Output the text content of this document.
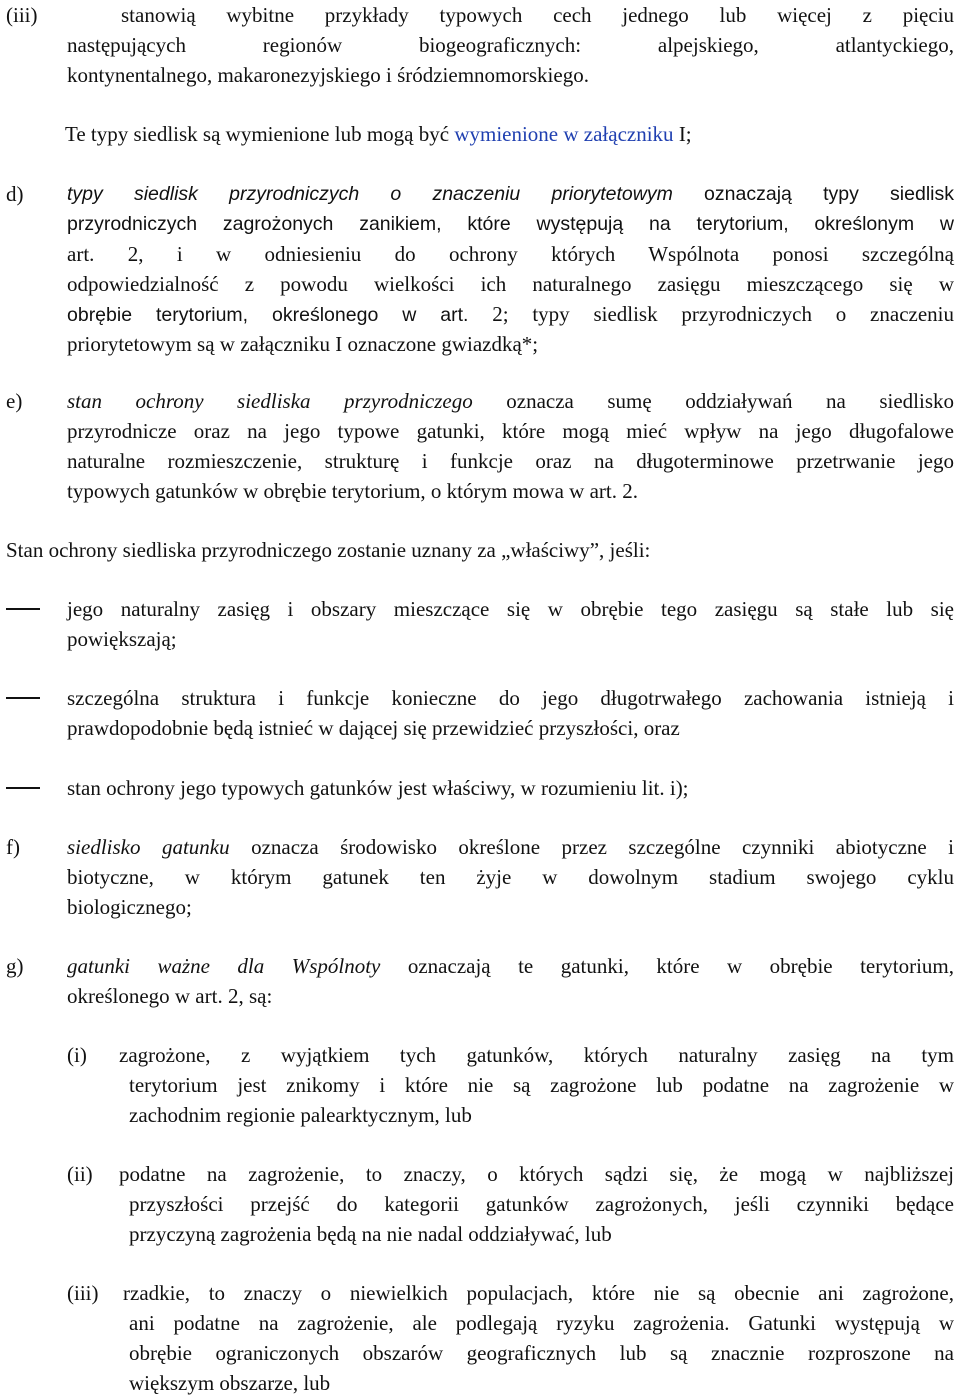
(iii)	stanowią wybitne przykłady typowych cech jednego lub więcej z pięciu
następujących regionów biogeograficznych: alpejskiego, atlantyckiego,
kontynentalnego, makaronezyjskiego i śródziemnomorskiego.
Te typy siedlisk są wymienione lub mogą być wymienione w załączniku I;
d) typy siedlisk przyrodniczych o znaczeniu priorytetowym oznaczają typy siedlisk
przyrodniczych zagrożonych zanikiem, które występują na terytorium, określonym w
art. 2, i w odniesieniu do ochrony których Wspólnota ponosi szczególną
odpowiedzialność z powodu wielkości ich naturalnego zasięgu mieszczącego się w
obrębie terytorium, określonego w art. 2; typy siedlisk przyrodniczych o znaczeniu
priorytetowym są w załączniku I oznaczone gwiazdką*;
e) stan ochrony siedliska przyrodniczego oznacza sumę oddziaływań na siedlisko
przyrodnicze oraz na jego typowe gatunki, które mogą mieć wpływ na jego długofalowe
naturalne rozmieszczenie, strukturę i funkcje oraz na długoterminowe przetrwanie jego
typowych gatunków w obrębie terytorium, o którym mowa w art. 2.
Stan ochrony siedliska przyrodniczego zostanie uznany za „właściwy”, jeśli:
jego naturalny zasięg i obszary mieszczące się w obrębie tego zasięgu są stałe lub się
powiększają;
szczególna struktura i funkcje konieczne do jego długotrwałego zachowania istnieją i
prawdopodobnie będą istnieć w dającej się przewidzieć przyszłości, oraz
stan ochrony jego typowych gatunków jest właściwy, w rozumieniu lit. i);
f) siedlisko gatunku oznacza środowisko określone przez szczególne czynniki abiotyczne i
biotyczne, w którym gatunek ten żyje w dowolnym stadium swojego cyklu
biologicznego;
g) gatunki ważne dla Wspólnoty oznaczają te gatunki, które w obrębie terytorium,
określonego w art. 2, są:
(i) zagrożone, z wyjątkiem tych gatunków, których naturalny zasięg na tym
terytorium jest znikomy i które nie są zagrożone lub podatne na zagrożenie w
zachodnim regionie palearktycznym, lub
(ii) podatne na zagrożenie, to znaczy, o których sądzi się, że mogą w najbliższej
przyszłości przejść do kategorii gatunków zagrożonych, jeśli czynniki będące
przyczyną zagrożenia będą na nie nadal oddziaływać, lub
(iii) rzadkie, to znaczy o niewielkich populacjach, które nie są obecnie ani zagrożone,
ani podatne na zagrożenie, ale podlegają ryzyku zagrożenia. Gatunki występują w
obrębie ograniczonych obszarów geograficznych lub są znacznie rozproszone na
większym obszarze, lub
